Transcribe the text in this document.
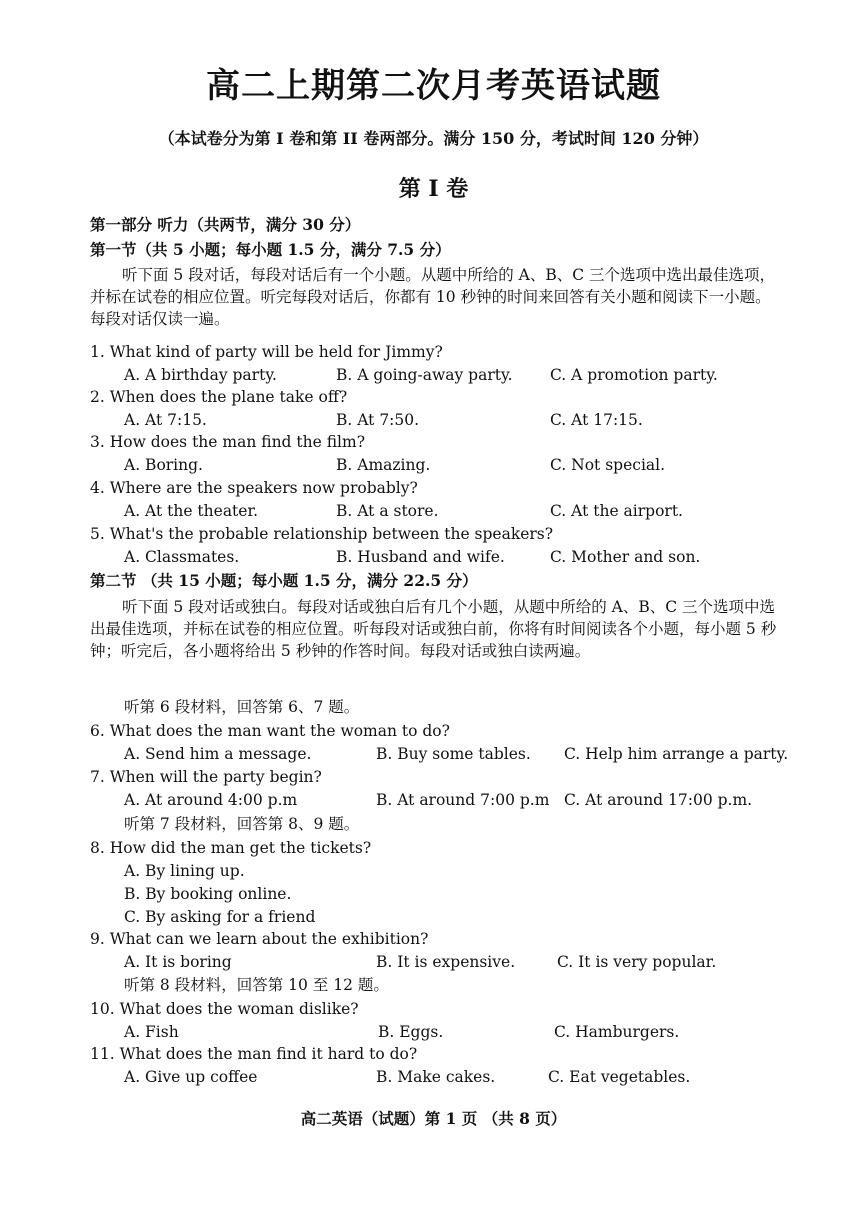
高二上期第二次月考英语试题
（本试卷分为第 I 卷和第 II 卷两部分。满分 150 分，考试时间 120 分钟）
第 I 卷
第一部分 听力（共两节，满分 30 分）
第一节（共 5 小题；每小题 1.5 分，满分 7.5 分）
听下面 5 段对话，每段对话后有一个小题。从题中所给的 A、B、C 三个选项中选出最佳选项，并标在试卷的相应位置。听完每段对话后，你都有 10 秒钟的时间来回答有关小题和阅读下一小题。每段对话仅读一遍。
1. What kind of party will be held for Jimmy?
A. A birthday party.	B. A going-away party. C. A promotion party.
2. When does the plane take off?
A. At 7:15.	B. At 7:50.	C. At 17:15.
3. How does the man find the film?
A. Boring.	B. Amazing.	C. Not special.
4. Where are the speakers now probably?
A. At the theater.	B. At a store.	C. At the airport.
5. What's the probable relationship between the speakers?
A. Classmates.	B. Husband and wife.	C. Mother and son.
第二节 （共 15 小题；每小题 1.5 分，满分 22.5 分）
听下面 5 段对话或独白。每段对话或独白后有几个小题，从题中所给的 A、B、C 三个选项中选出最佳选项，并标在试卷的相应位置。听每段对话或独白前，你将有时间阅读各个小题，每小题 5 秒钟；听完后，各小题将给出 5 秒钟的作答时间。每段对话或独白读两遍。
听第 6 段材料，回答第 6、7 题。
6. What does the man want the woman to do?
A. Send him a message.	B. Buy some tables. C. Help him arrange a party.
7. When will the party begin?
A. At around 4:00 p.m	B. At around 7:00 p.m C. At around 17:00 p.m.
听第 7 段材料，回答第 8、9 题。
8. How did the man get the tickets?
A. By lining up.
B. By booking online.
C. By asking for a friend
9. What can we learn about the exhibition?
A. It is boring	B. It is expensive.	C. It is very popular.
听第 8 段材料，回答第 10 至 12 题。
10. What does the woman dislike?
A. Fish	B. Eggs.	C. Hamburgers.
11. What does the man find it hard to do?
A. Give up coffee	B. Make cakes.	C. Eat vegetables.
高二英语（试题）第 1 页 （共 8 页）
